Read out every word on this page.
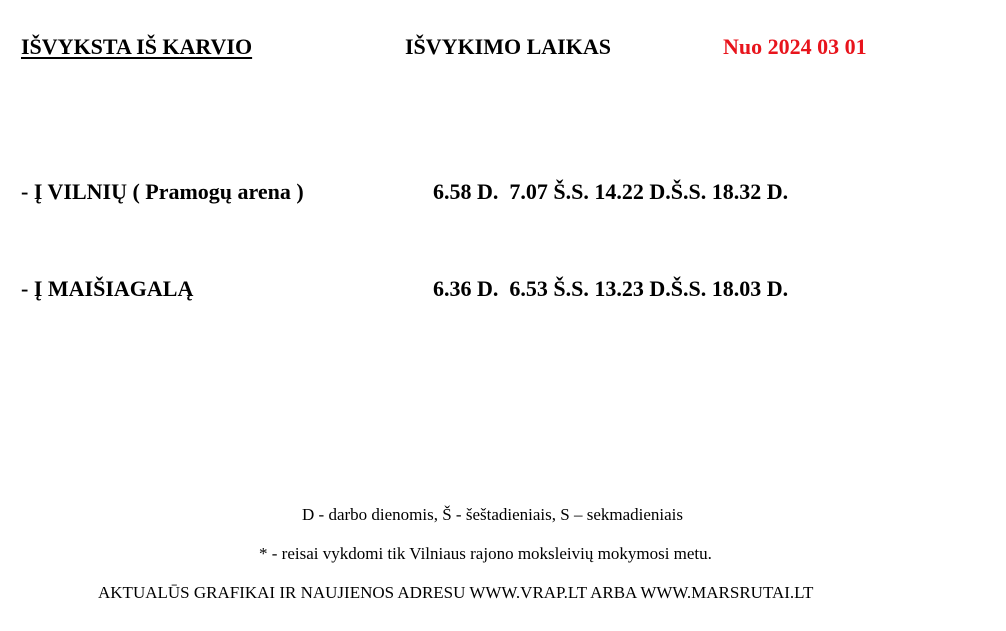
IŠVYKSTA IŠ KARVIO	IŠVYKIMO LAIKAS	Nuo 2024 03 01
- Į VILNIŲ ( Pramogų arena )	6.58 D.  7.07 Š.S. 14.22 D.Š.S. 18.32 D.
- Į MAIŠIAGALĄ	6.36 D.  6.53 Š.S. 13.23 D.Š.S. 18.03 D.
D - darbo dienomis, Š - šeštadieniais, S – sekmadieniais
* - reisai vykdomi tik Vilniaus rajono moksleivių mokymosi metu.
AKTUALŪS GRAFIKAI IR NAUJIENOS ADRESU WWW.VRAP.LT ARBA WWW.MARSRUTAI.LT
